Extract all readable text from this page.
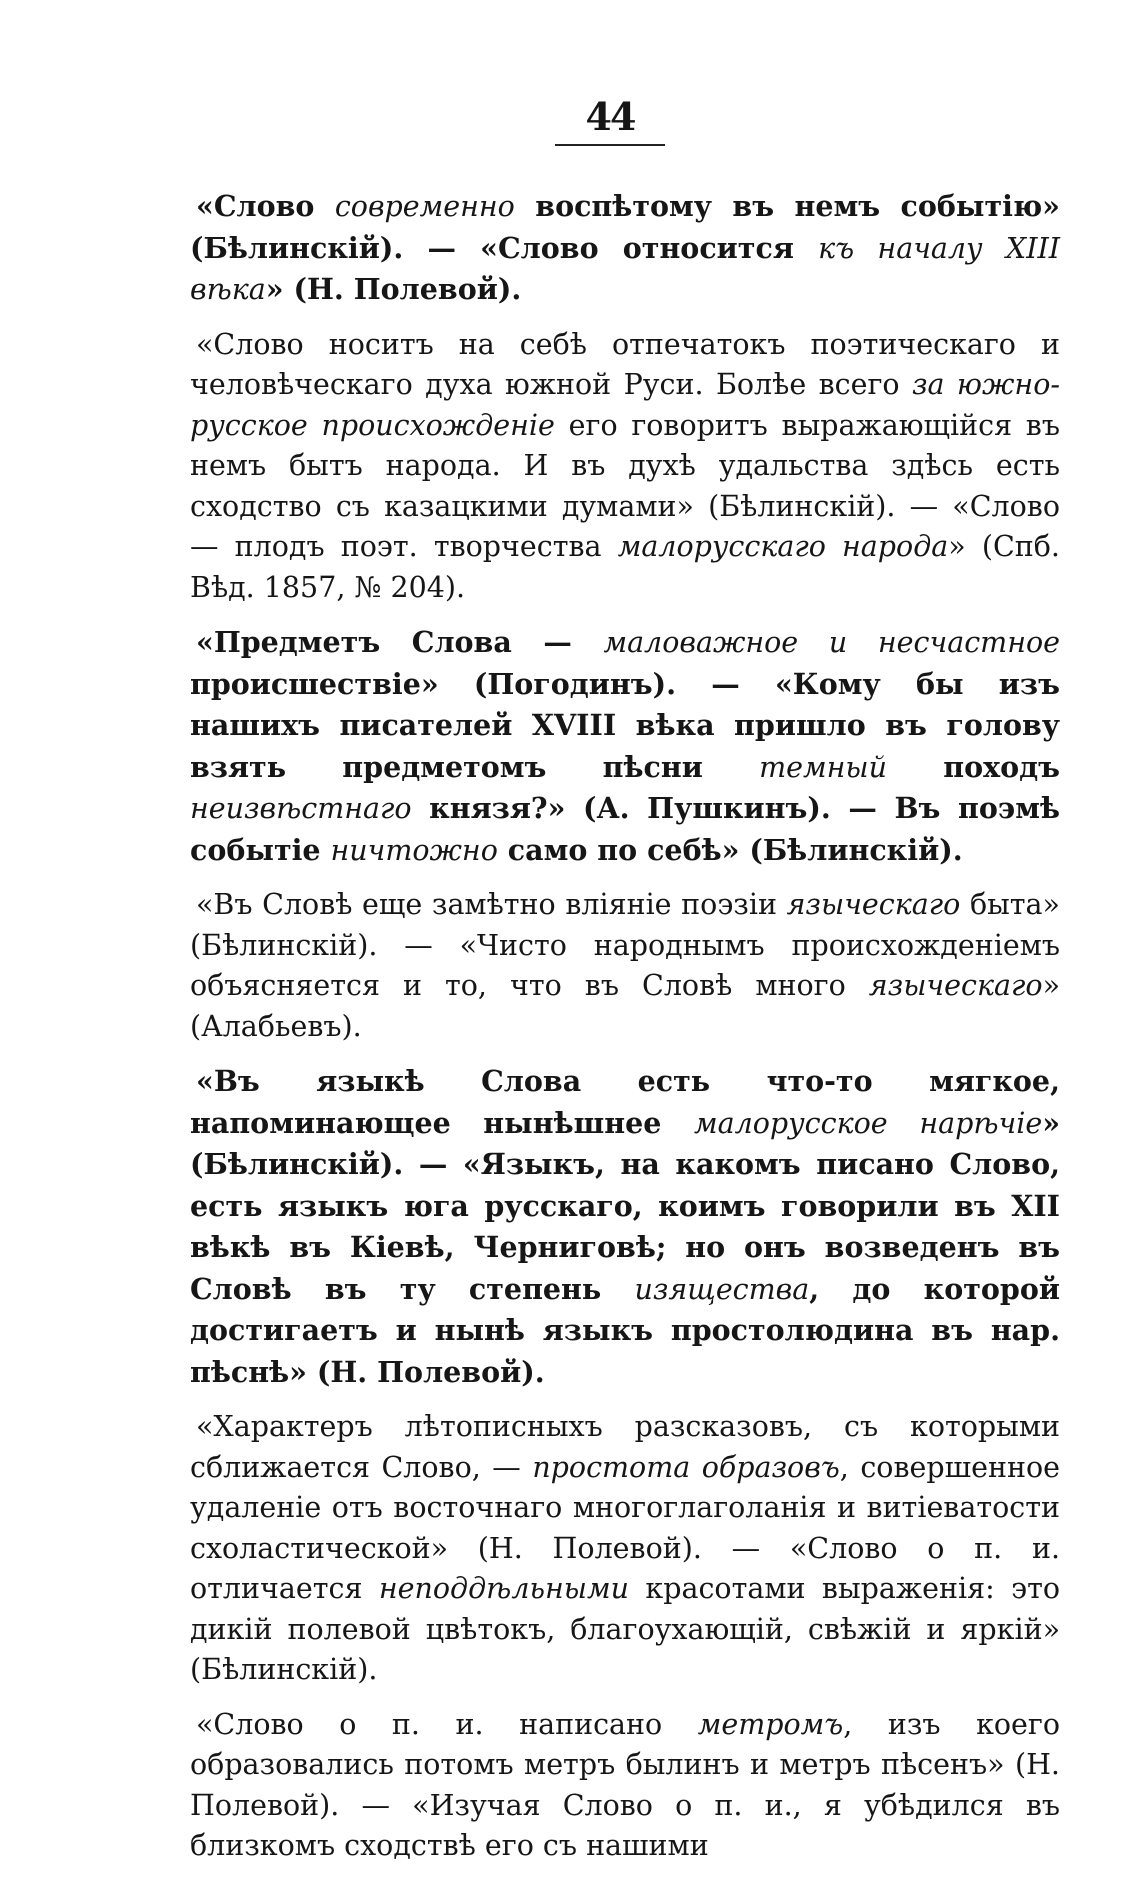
44

«Слово современно воспѣтому въ немъ событію» (Бѣлинскій). — «Слово относится къ началу XIII вѣка» (Н. Полевой).

«Слово носитъ на себѣ отпечатокъ поэтическаго и человѣческаго духа южной Руси. Болѣе всего за южно-русское происхожденіе его говоритъ выражающійся въ немъ бытъ народа. И въ духѣ удальства здѣсь есть сходство съ казацкими думами» (Бѣлинскій). — «Слово — плодъ поэт. творчества малорусскаго народа» (Спб. Вѣд. 1857, № 204).

«Предметъ Слова — маловажное и несчастное происшествіе» (Погодинъ). — «Кому бы изъ нашихъ писателей XVIII вѣка пришло въ голову взять предметомъ пѣсни темный походъ неизвѣстнаго князя?» (А. Пушкинъ). — Въ поэмѣ событіе ничтожно само по себѣ» (Бѣлинскій).

«Въ Словѣ еще замѣтно вліяніе поэзіи языческаго быта» (Бѣлинскій). — «Чисто народнымъ происхожденіемъ объясняется и то, что въ Словѣ много языческаго» (Алабьевъ).

«Въ языкѣ Слова есть что-то мягкое, напоминающее нынѣшнее малорусское нарѣчіе» (Бѣлинскій). — «Языкъ, на какомъ писано Слово, есть языкъ юга русскаго, коимъ говорили въ XII вѣкѣ въ Кіевѣ, Черниговѣ; но онъ возведенъ въ Словѣ въ ту степень изящества, до которой достигаетъ и нынѣ языкъ простолюдина въ нар. пѣснѣ» (Н. Полевой).

«Характеръ лѣтописныхъ разсказовъ, съ которыми сближается Слово, — простота образовъ, совершенное удаленіе отъ восточнаго многоглаголанія и витіеватости схоластической» (Н. Полевой). — «Слово о п. и. отличается неподдѣльными красотами выраженія: это дикій полевой цвѣтокъ, благоухающій, свѣжій и яркій» (Бѣлинскій).

«Слово о п. и. написано метромъ, изъ коего образовались потомъ метръ былинъ и метръ пѣсенъ» (Н. Полевой). — «Изучая Слово о п. и., я убѣдился въ близкомъ сходствѣ его съ нашими
